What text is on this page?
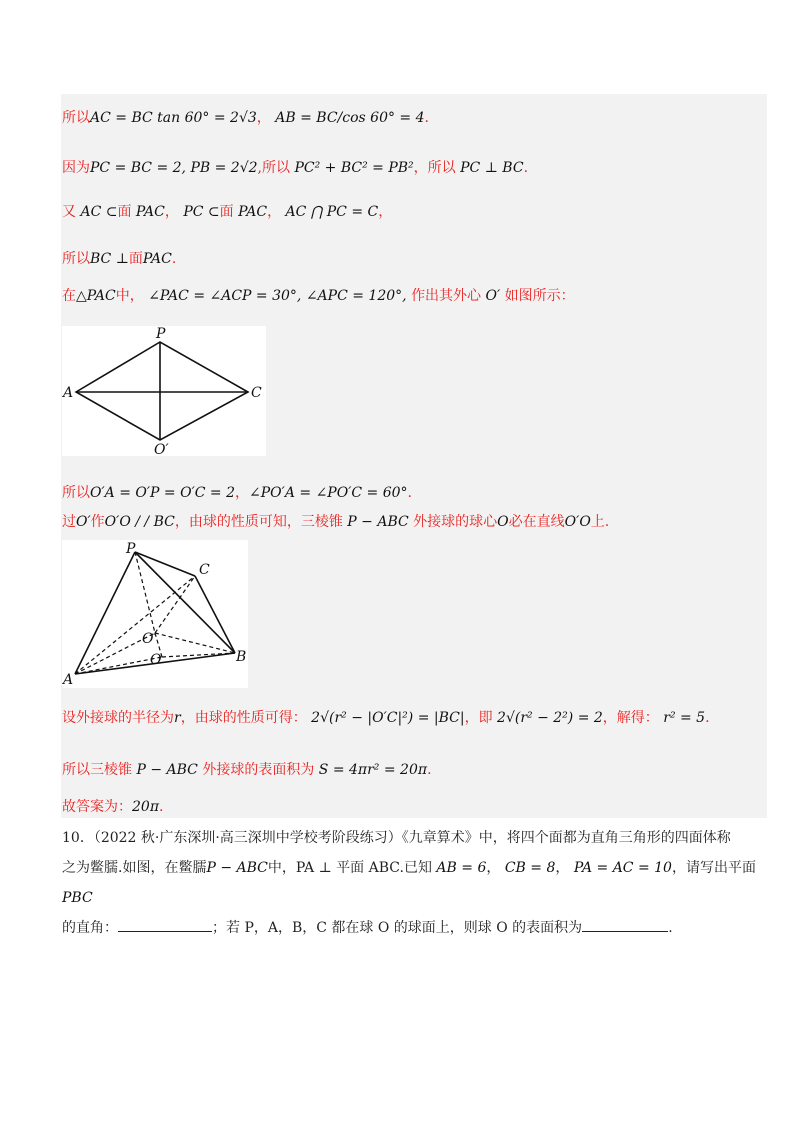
所以AC = BC tan 60° = 2√3， AB = BC/cos 60° = 4.
因为PC = BC = 2, PB = 2√2,所以 PC² + BC² = PB²，所以 PC ⊥ BC.
又 AC ⊂面 PAC， PC ⊂面 PAC， AC ⋂ PC = C，
所以BC ⊥面PAC.
在△PAC中， ∠PAC = ∠ACP = 30°, ∠APC = 120°, 作出其外心 O′ 如图所示：
P
A	C
O′
所以O′A = O′P = O′C = 2，∠PO′A = ∠PO′C = 60°.
过O′作O′O / / BC，由球的性质可知，三棱锥 P − ABC 外接球的球心O必在直线O′O上.
P
C
O′
O
A
B
设外接球的半径为r，由球的性质可得： 2√(r² − |O′C|²) = |BC|，即 2√(r² − 2²) = 2，解得： r² = 5.
所以三棱锥 P − ABC 外接球的表面积为 S = 4πr² = 20π.
故答案为：20π.
10．（2022 秋·广东深圳·高三深圳中学校考阶段练习）《九章算术》中，将四个面都为直角三角形的四面体称
之为鳖臑.如图，在鳖臑P − ABC中，PA ⊥ 平面 ABC.已知 AB = 6， CB = 8， PA = AC = 10，请写出平面PBC
的直角：	；若 P，A，B，C 都在球 O 的球面上，则球 O 的表面积为	.
